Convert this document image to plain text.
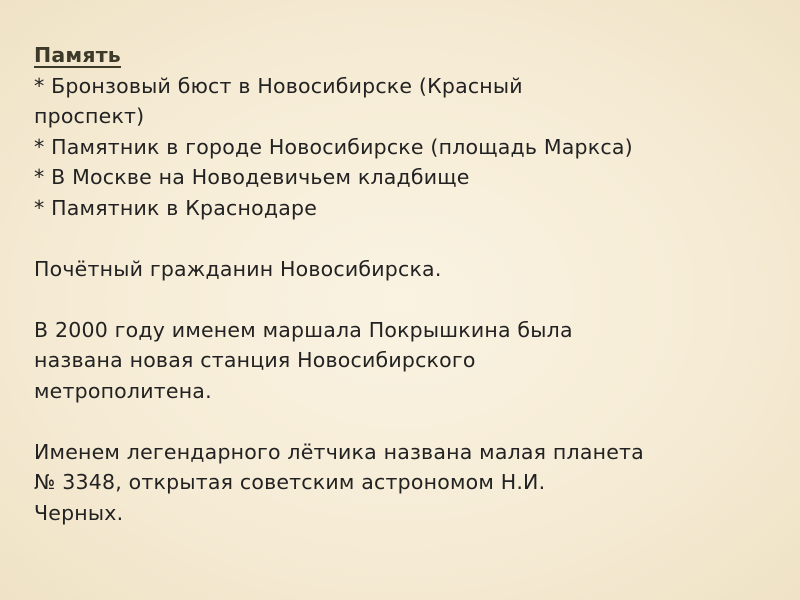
Память
* Бронзовый бюст в Новосибирске (Красный
проспект)
* Памятник в городе Новосибирске (площадь Маркса)
* В Москве на Новодевичьем кладбище
* Памятник в Краснодаре
Почётный гражданин Новосибирска.
В 2000 году именем маршала Покрышкина была
названа новая станция Новосибирского
метрополитена.
Именем легендарного лётчика названа малая планета
№ 3348, открытая советским астрономом Н.И.
Черных.
